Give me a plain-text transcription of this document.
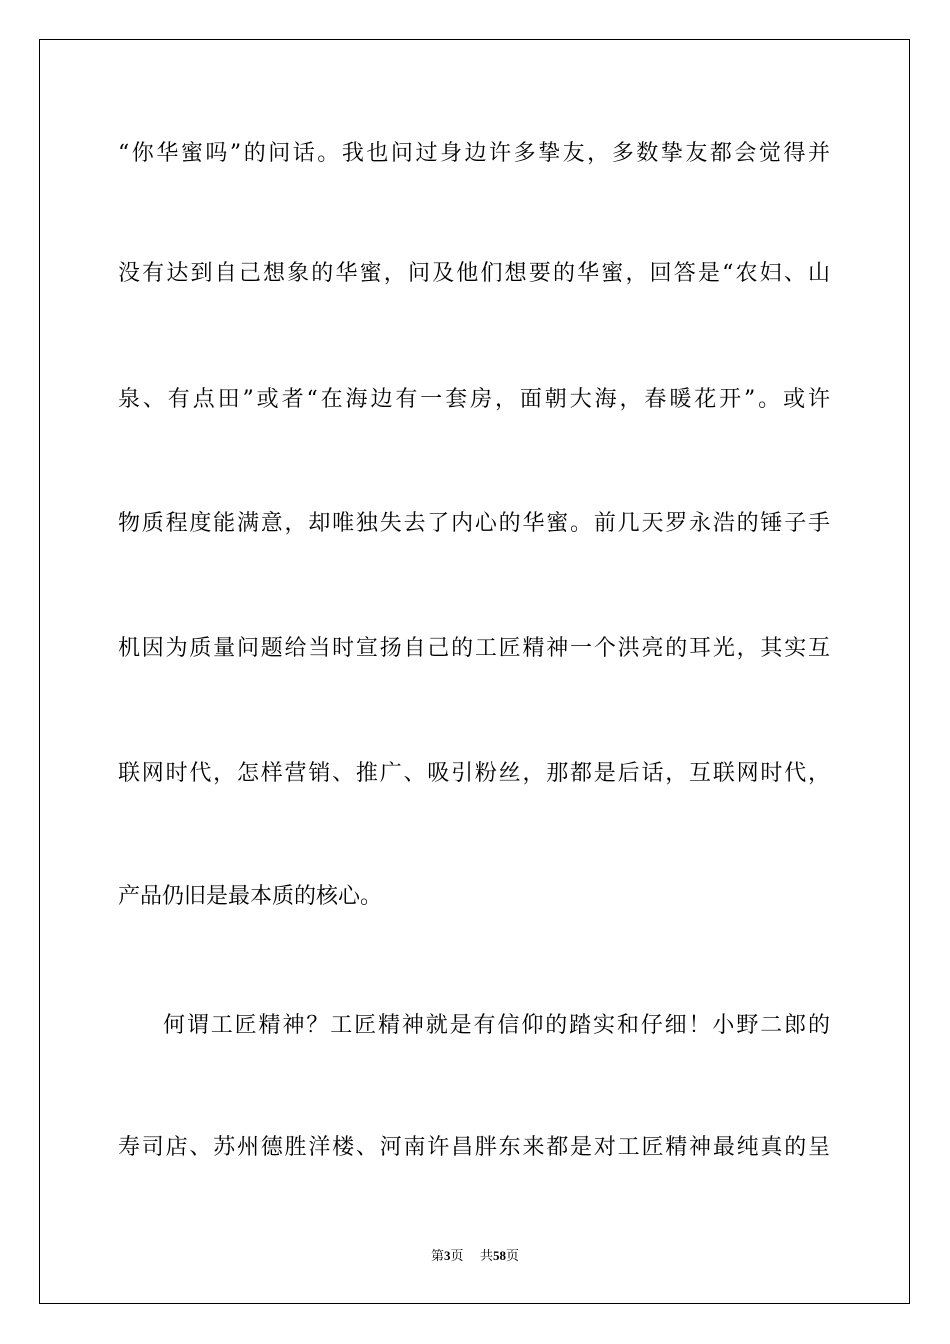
“你华蜜吗”的问话。我也问过身边许多挚友，多数挚友都会觉得并
没有达到自己想象的华蜜，问及他们想要的华蜜，回答是“农妇、山
泉、有点田”或者“在海边有一套房，面朝大海，春暖花开”。或许
物质程度能满意，却唯独失去了内心的华蜜。前几天罗永浩的锤子手
机因为质量问题给当时宣扬自己的工匠精神一个洪亮的耳光，其实互
联网时代，怎样营销、推广、吸引粉丝，那都是后话，互联网时代，
产品仍旧是最本质的核心。
何谓工匠精神？工匠精神就是有信仰的踏实和仔细！小野二郎的
寿司店、苏州德胜洋楼、河南许昌胖东来都是对工匠精神最纯真的呈
第3页 共58页
